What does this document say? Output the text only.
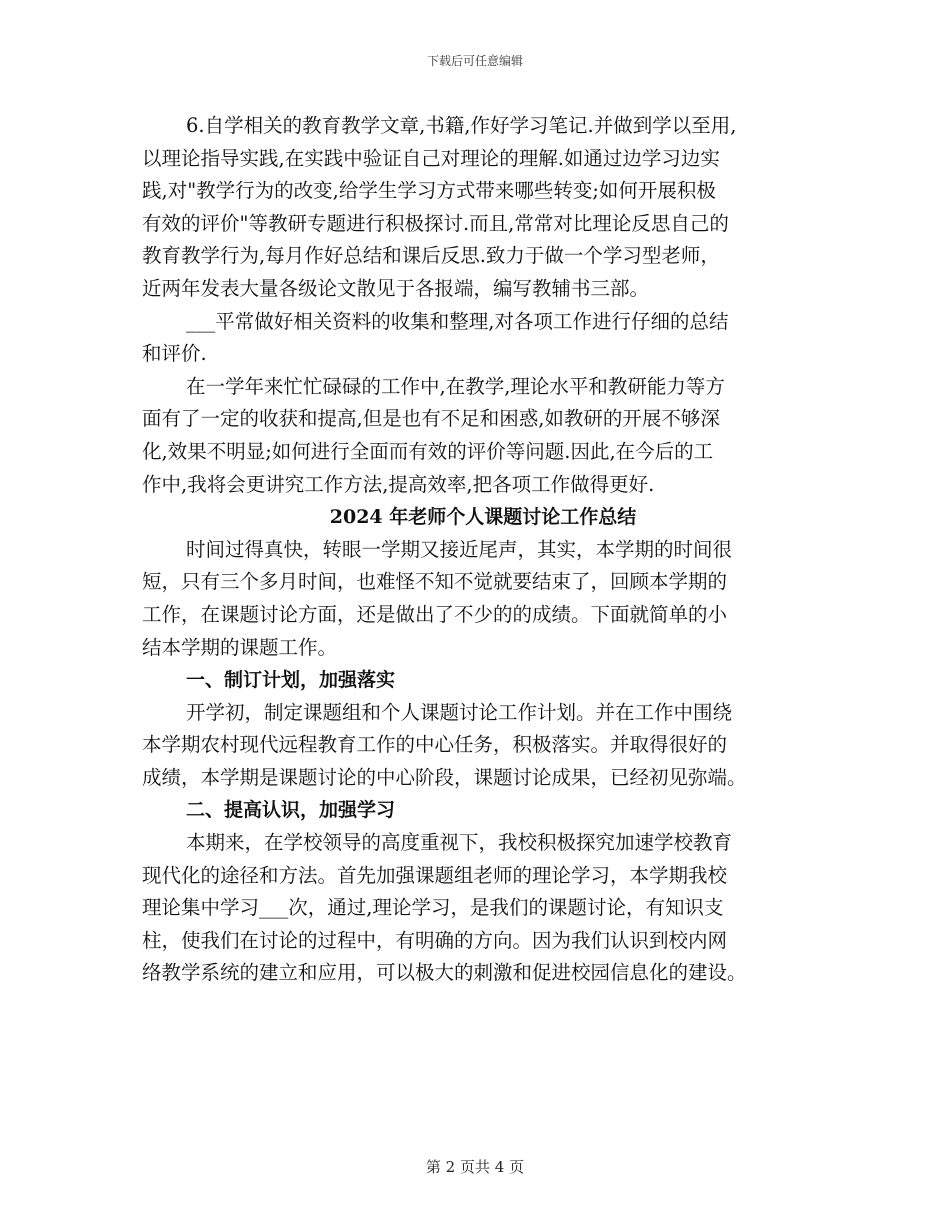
下载后可任意编辑
6.自学相关的教育教学文章,书籍,作好学习笔记.并做到学以至用,
以理论指导实践,在实践中验证自己对理论的理解.如通过边学习边实
践,对"教学行为的改变,给学生学习方式带来哪些转变;如何开展积极
有效的评价"等教研专题进行积极探讨.而且,常常对比理论反思自己的
教育教学行为,每月作好总结和课后反思.致力于做一个学习型老师，
近两年发表大量各级论文散见于各报端，编写教辅书三部。
___平常做好相关资料的收集和整理,对各项工作进行仔细的总结
和评价.
在一学年来忙忙碌碌的工作中,在教学,理论水平和教研能力等方
面有了一定的收获和提高,但是也有不足和困惑,如教研的开展不够深
化,效果不明显;如何进行全面而有效的评价等问题.因此,在今后的工
作中,我将会更讲究工作方法,提高效率,把各项工作做得更好.
2024 年老师个人课题讨论工作总结
时间过得真快，转眼一学期又接近尾声，其实，本学期的时间很
短，只有三个多月时间，也难怪不知不觉就要结束了，回顾本学期的
工作，在课题讨论方面，还是做出了不少的的成绩。下面就简单的小
结本学期的课题工作。
一、制订计划，加强落实
开学初，制定课题组和个人课题讨论工作计划。并在工作中围绕
本学期农村现代远程教育工作的中心任务，积极落实。并取得很好的
成绩，本学期是课题讨论的中心阶段，课题讨论成果，已经初见弥端。
二、提高认识，加强学习
本期来，在学校领导的高度重视下，我校积极探究加速学校教育
现代化的途径和方法。首先加强课题组老师的理论学习，本学期我校
理论集中学习___次，通过,理论学习，是我们的课题讨论，有知识支
柱，使我们在讨论的过程中，有明确的方向。因为我们认识到校内网
络教学系统的建立和应用，可以极大的刺激和促进校园信息化的建设。
第 2 页共 4 页
